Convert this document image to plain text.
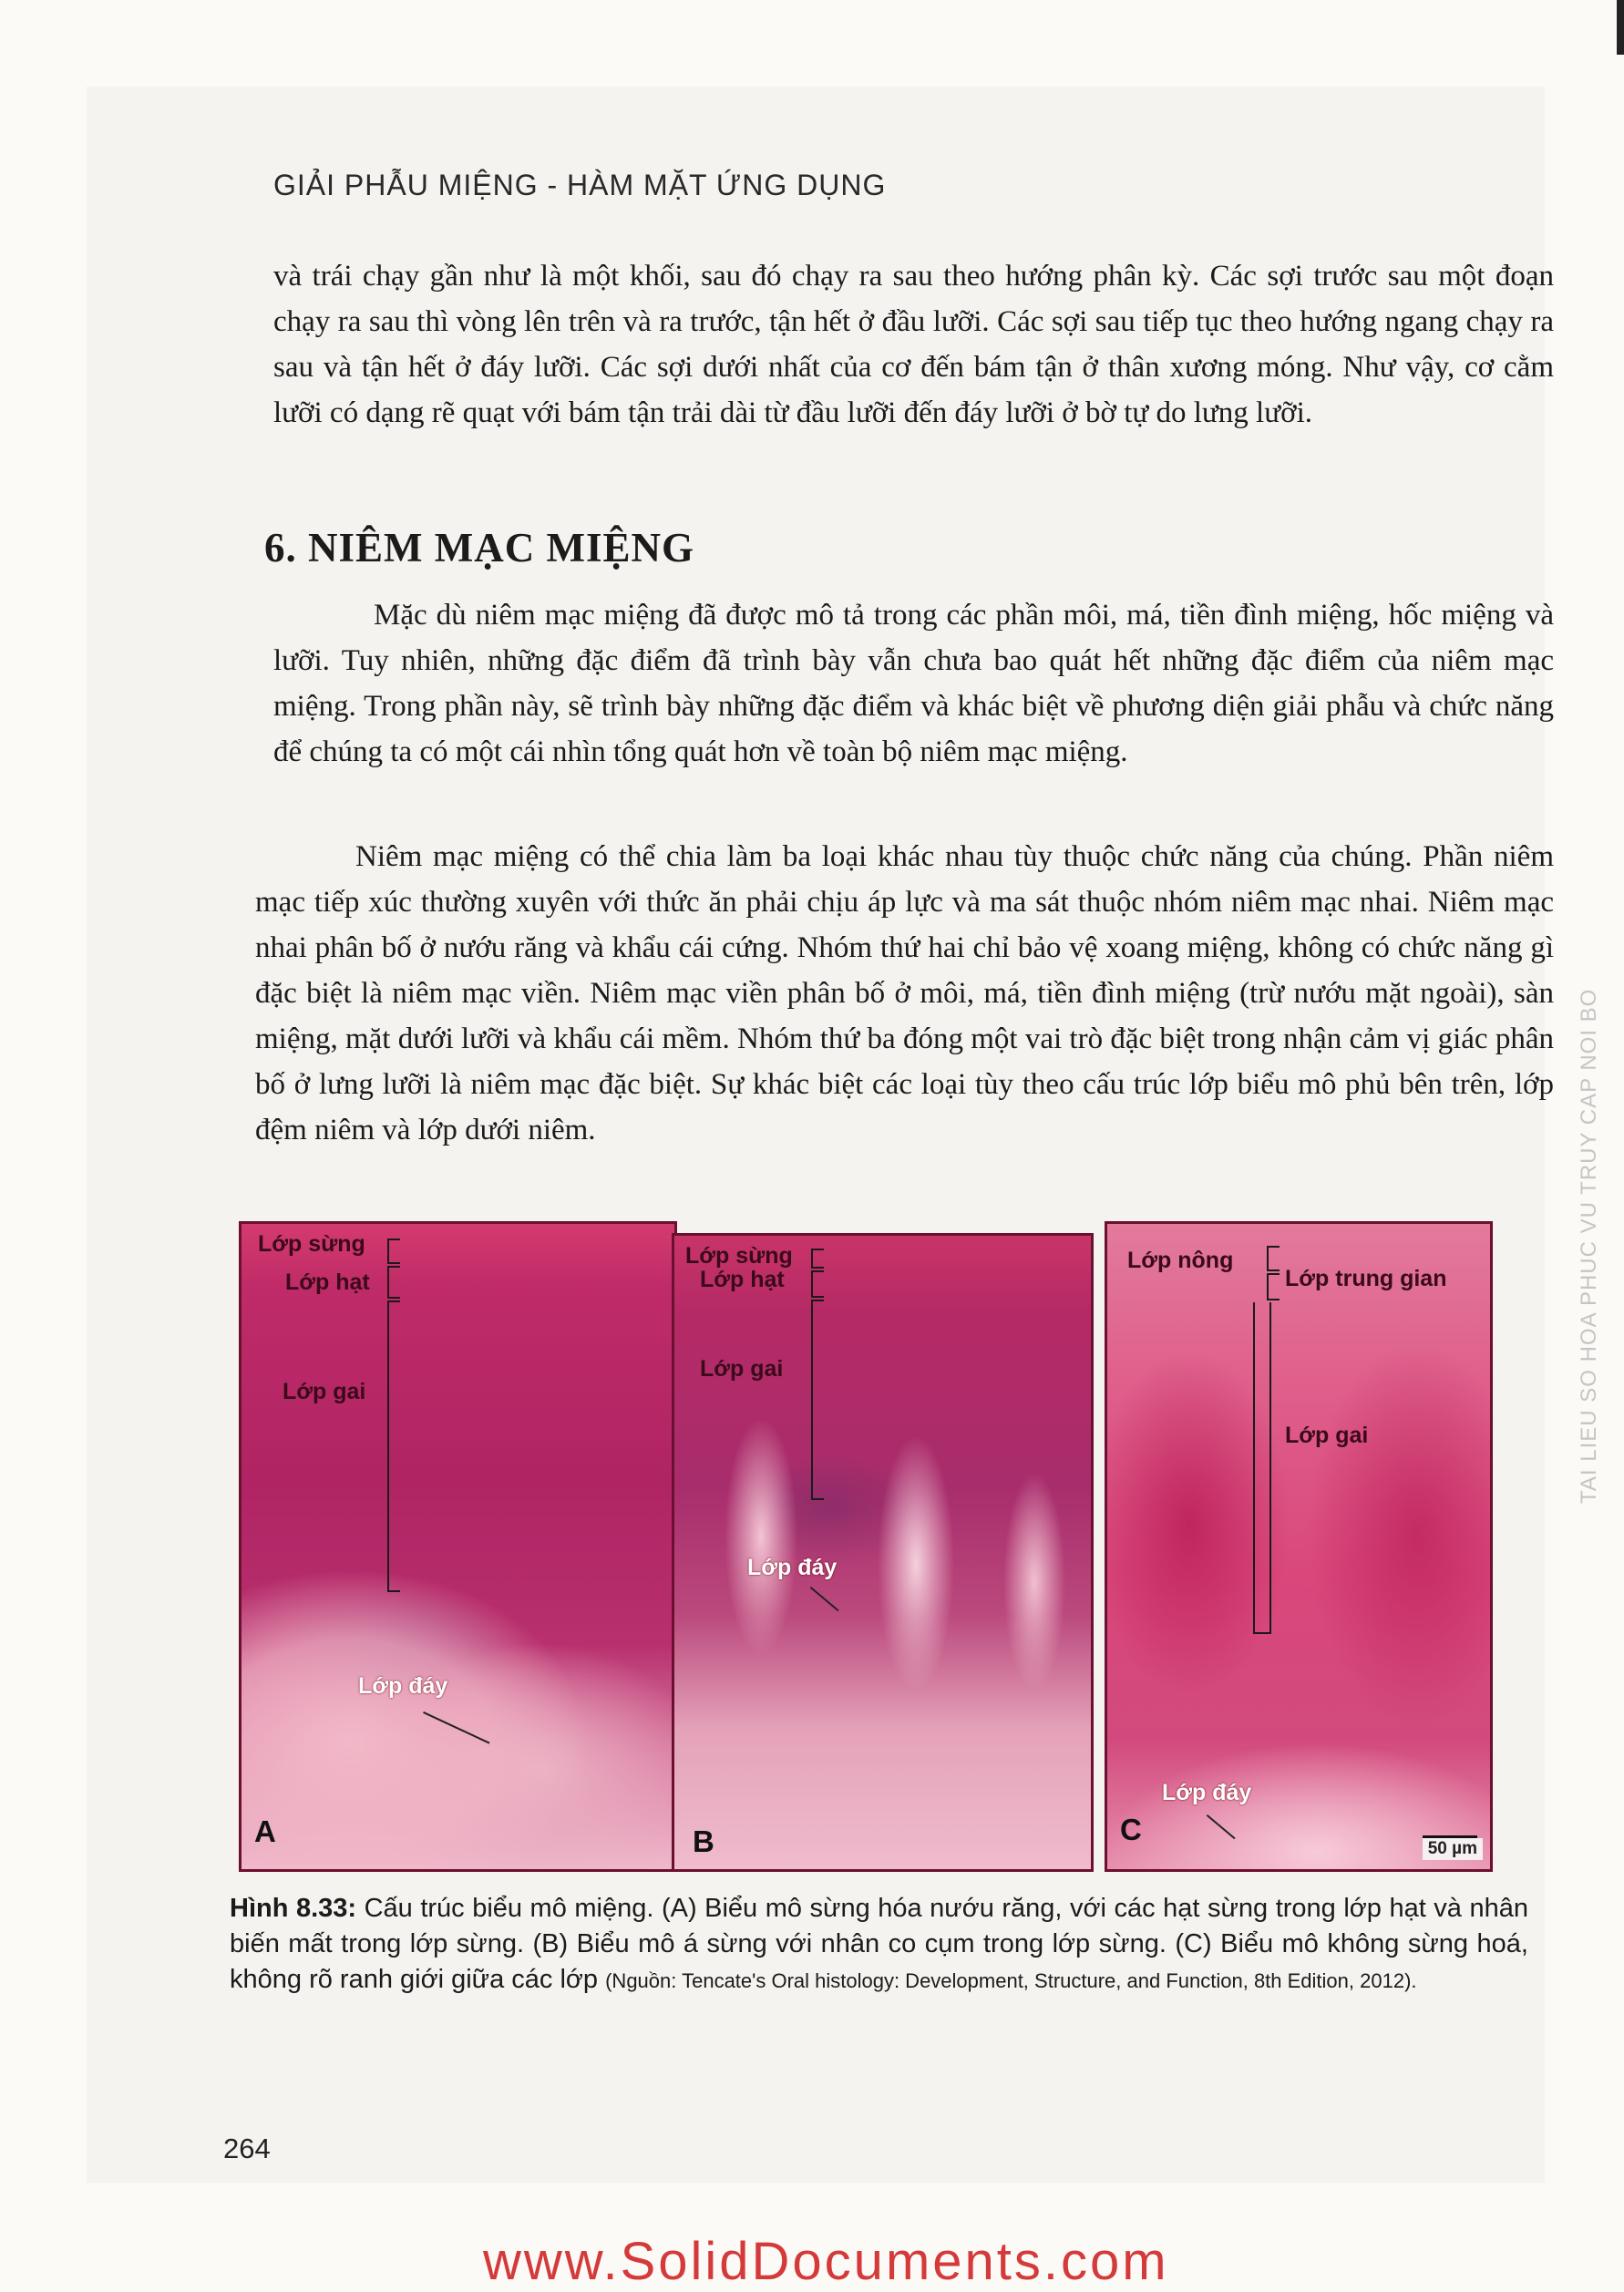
GIẢI PHẪU MIỆNG - HÀM MẶT ỨNG DỤNG

và trái chạy gần như là một khối, sau đó chạy ra sau theo hướng phân kỳ. Các sợi trước sau một đoạn chạy ra sau thì vòng lên trên và ra trước, tận hết ở đầu lưỡi. Các sợi sau tiếp tục theo hướng ngang chạy ra sau và tận hết ở đáy lưỡi. Các sợi dưới nhất của cơ đến bám tận ở thân xương móng. Như vậy, cơ cằm lưỡi có dạng rẽ quạt với bám tận trải dài từ đầu lưỡi đến đáy lưỡi ở bờ tự do lưng lưỡi.

6. NIÊM MẠC MIỆNG

Mặc dù niêm mạc miệng đã được mô tả trong các phần môi, má, tiền đình miệng, hốc miệng và lưỡi. Tuy nhiên, những đặc điểm đã trình bày vẫn chưa bao quát hết những đặc điểm của niêm mạc miệng. Trong phần này, sẽ trình bày những đặc điểm và khác biệt về phương diện giải phẫu và chức năng để chúng ta có một cái nhìn tổng quát hơn về toàn bộ niêm mạc miệng.

Niêm mạc miệng có thể chia làm ba loại khác nhau tùy thuộc chức năng của chúng. Phần niêm mạc tiếp xúc thường xuyên với thức ăn phải chịu áp lực và ma sát thuộc nhóm niêm mạc nhai. Niêm mạc nhai phân bố ở nướu răng và khẩu cái cứng. Nhóm thứ hai chỉ bảo vệ xoang miệng, không có chức năng gì đặc biệt là niêm mạc viền. Niêm mạc viền phân bố ở môi, má, tiền đình miệng (trừ nướu mặt ngoài), sàn miệng, mặt dưới lưỡi và khẩu cái mềm. Nhóm thứ ba đóng một vai trò đặc biệt trong nhận cảm vị giác phân bố ở lưng lưỡi là niêm mạc đặc biệt. Sự khác biệt các loại tùy theo cấu trúc lớp biểu mô phủ bên trên, lớp đệm niêm và lớp dưới niêm.

Lớp sừng
Lớp hạt
Lớp gai
Lớp đáy
A
Lớp sừng
Lớp hạt
Lớp gai
Lớp đáy
B
Lớp nông
Lớp trung gian
Lớp gai
Lớp đáy
C
50 µm

Hình 8.33: Cấu trúc biểu mô miệng. (A) Biểu mô sừng hóa nướu răng, với các hạt sừng trong lớp hạt và nhân biến mất trong lớp sừng. (B) Biểu mô á sừng với nhân co cụm trong lớp sừng. (C) Biểu mô không sừng hoá, không rõ ranh giới giữa các lớp (Nguồn: Tencate's Oral histology: Development, Structure, and Function, 8th Edition, 2012).

264
TAI LIEU SO HOA PHUC VU TRUY CAP NOI BO
www.SolidDocuments.com
